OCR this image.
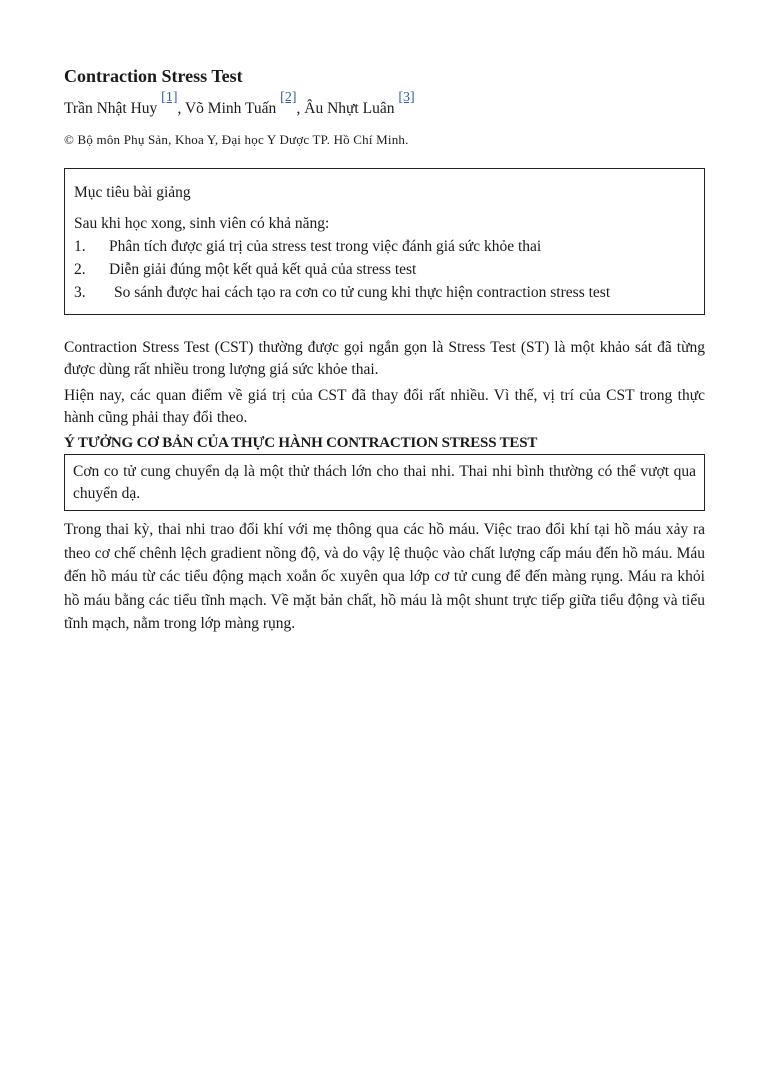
Contraction Stress Test
Trần Nhật Huy [1], Võ Minh Tuấn [2], Âu Nhựt Luân [3]
© Bộ môn Phụ Sản, Khoa Y, Đại học Y Dược TP. Hồ Chí Minh.
Mục tiêu bài giảng
Sau khi học xong, sinh viên có khả năng:
1. Phân tích được giá trị của stress test trong việc đánh giá sức khỏe thai
2. Diễn giải đúng một kết quả kết quả của stress test
3. So sánh được hai cách tạo ra cơn co tử cung khi thực hiện contraction stress test

Contraction Stress Test (CST) thường được gọi ngắn gọn là Stress Test (ST) là một khảo sát đã từng được dùng rất nhiều trong lượng giá sức khỏe thai.

Hiện nay, các quan điểm về giá trị của CST đã thay đổi rất nhiều. Vì thế, vị trí của CST trong thực hành cũng phải thay đổi theo.

Ý TƯỞNG CƠ BẢN CỦA THỰC HÀNH CONTRACTION STRESS TEST
Cơn co tử cung chuyển dạ là một thử thách lớn cho thai nhi. Thai nhi bình thường có thể vượt qua chuyển dạ.

Trong thai kỳ, thai nhi trao đổi khí với mẹ thông qua các hồ máu. Việc trao đổi khí tại hồ máu xảy ra theo cơ chế chênh lệch gradient nồng độ, và do vậy lệ thuộc vào chất lượng cấp máu đến hồ máu. Máu đến hồ máu từ các tiểu động mạch xoắn ốc xuyên qua lớp cơ tử cung để đến màng rụng. Máu ra khỏi hồ máu bằng các tiểu tĩnh mạch. Về mặt bản chất, hồ máu là một shunt trực tiếp giữa tiểu động và tiểu tĩnh mạch, nằm trong lớp màng rụng.
